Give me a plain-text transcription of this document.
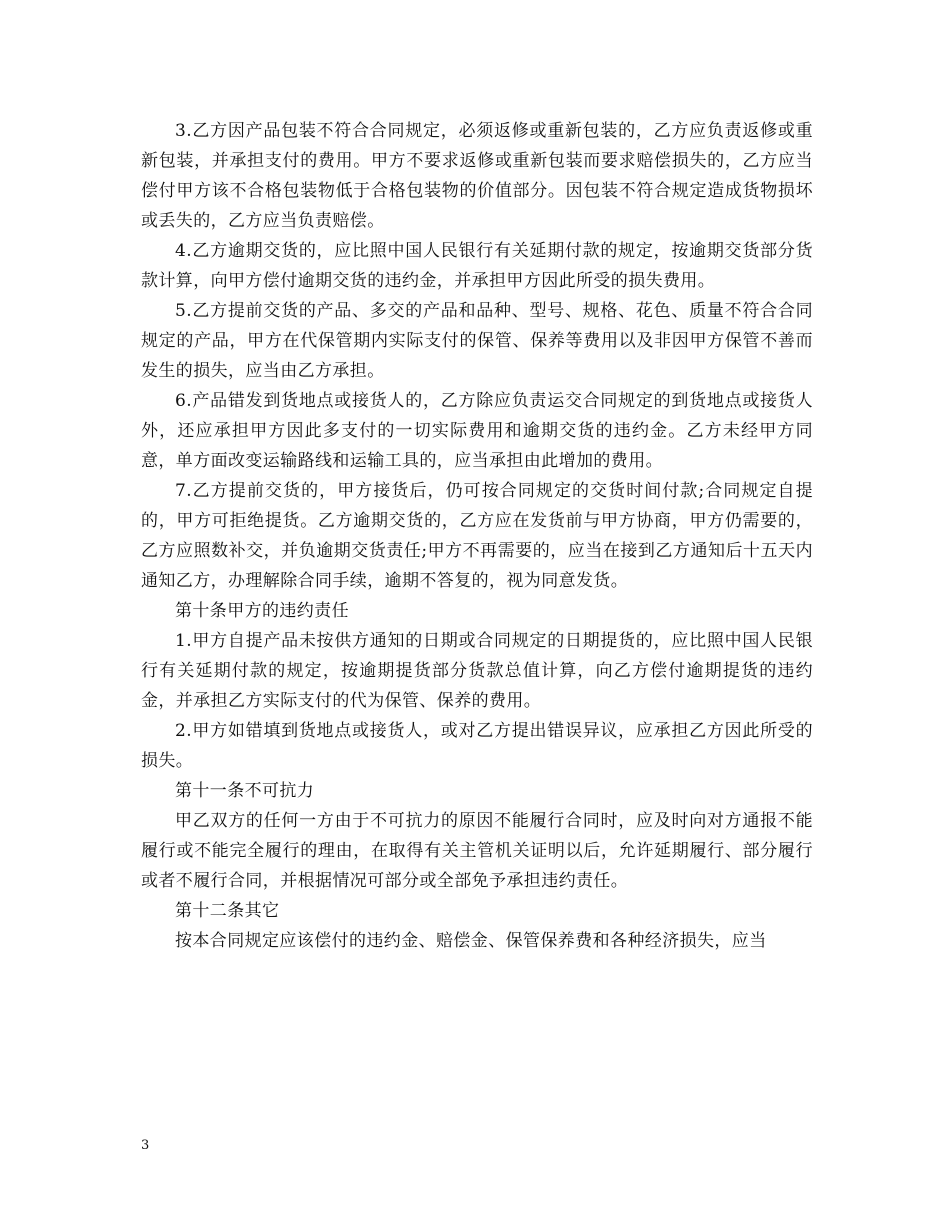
3.乙方因产品包装不符合合同规定，必须返修或重新包装的，乙方应负责返修或重新包装，并承担支付的费用。甲方不要求返修或重新包装而要求赔偿损失的，乙方应当偿付甲方该不合格包装物低于合格包装物的价值部分。因包装不符合规定造成货物损坏或丢失的，乙方应当负责赔偿。

4.乙方逾期交货的，应比照中国人民银行有关延期付款的规定，按逾期交货部分货款计算，向甲方偿付逾期交货的违约金，并承担甲方因此所受的损失费用。

5.乙方提前交货的产品、多交的产品和品种、型号、规格、花色、质量不符合合同规定的产品，甲方在代保管期内实际支付的保管、保养等费用以及非因甲方保管不善而发生的损失，应当由乙方承担。

6.产品错发到货地点或接货人的，乙方除应负责运交合同规定的到货地点或接货人外，还应承担甲方因此多支付的一切实际费用和逾期交货的违约金。乙方未经甲方同意，单方面改变运输路线和运输工具的，应当承担由此增加的费用。

7.乙方提前交货的，甲方接货后，仍可按合同规定的交货时间付款;合同规定自提的，甲方可拒绝提货。乙方逾期交货的，乙方应在发货前与甲方协商，甲方仍需要的，乙方应照数补交，并负逾期交货责任;甲方不再需要的，应当在接到乙方通知后十五天内通知乙方，办理解除合同手续，逾期不答复的，视为同意发货。

第十条甲方的违约责任

1.甲方自提产品未按供方通知的日期或合同规定的日期提货的，应比照中国人民银行有关延期付款的规定，按逾期提货部分货款总值计算，向乙方偿付逾期提货的违约金，并承担乙方实际支付的代为保管、保养的费用。

2.甲方如错填到货地点或接货人，或对乙方提出错误异议，应承担乙方因此所受的损失。

第十一条不可抗力

甲乙双方的任何一方由于不可抗力的原因不能履行合同时，应及时向对方通报不能履行或不能完全履行的理由，在取得有关主管机关证明以后，允许延期履行、部分履行或者不履行合同，并根据情况可部分或全部免予承担违约责任。

第十二条其它

按本合同规定应该偿付的违约金、赔偿金、保管保养费和各种经济损失，应当

3
